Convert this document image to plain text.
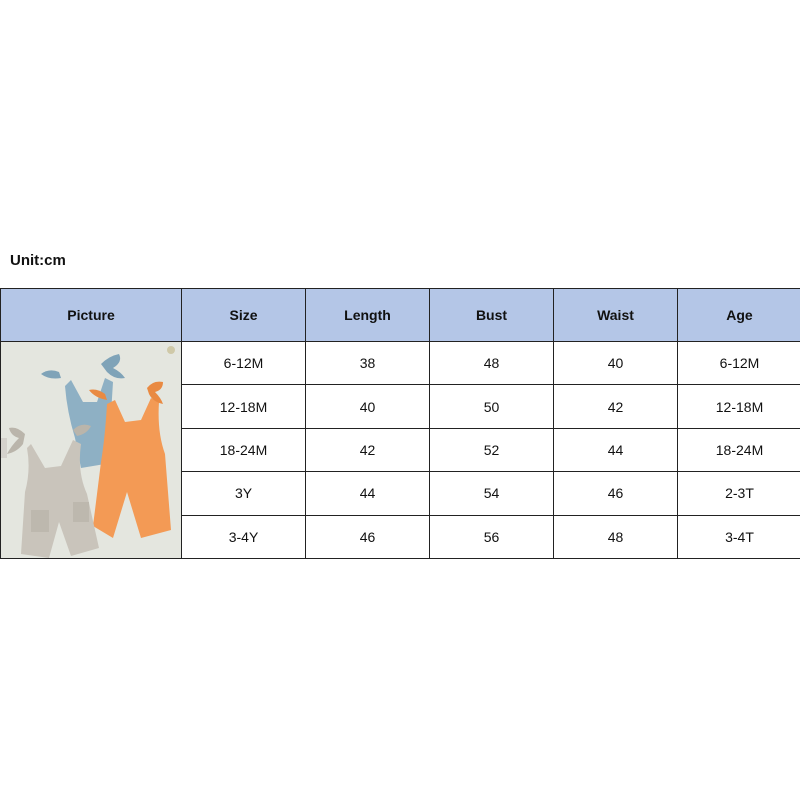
Unit:cm
Picture	Size	Length	Bust	Waist	Age

	6-12M	38	48	40	6-12M
	12-18M	40	50	42	12-18M
	18-24M	42	52	44	18-24M
	3Y	44	54	46	2-3T
	3-4Y	46	56	48	3-4T
